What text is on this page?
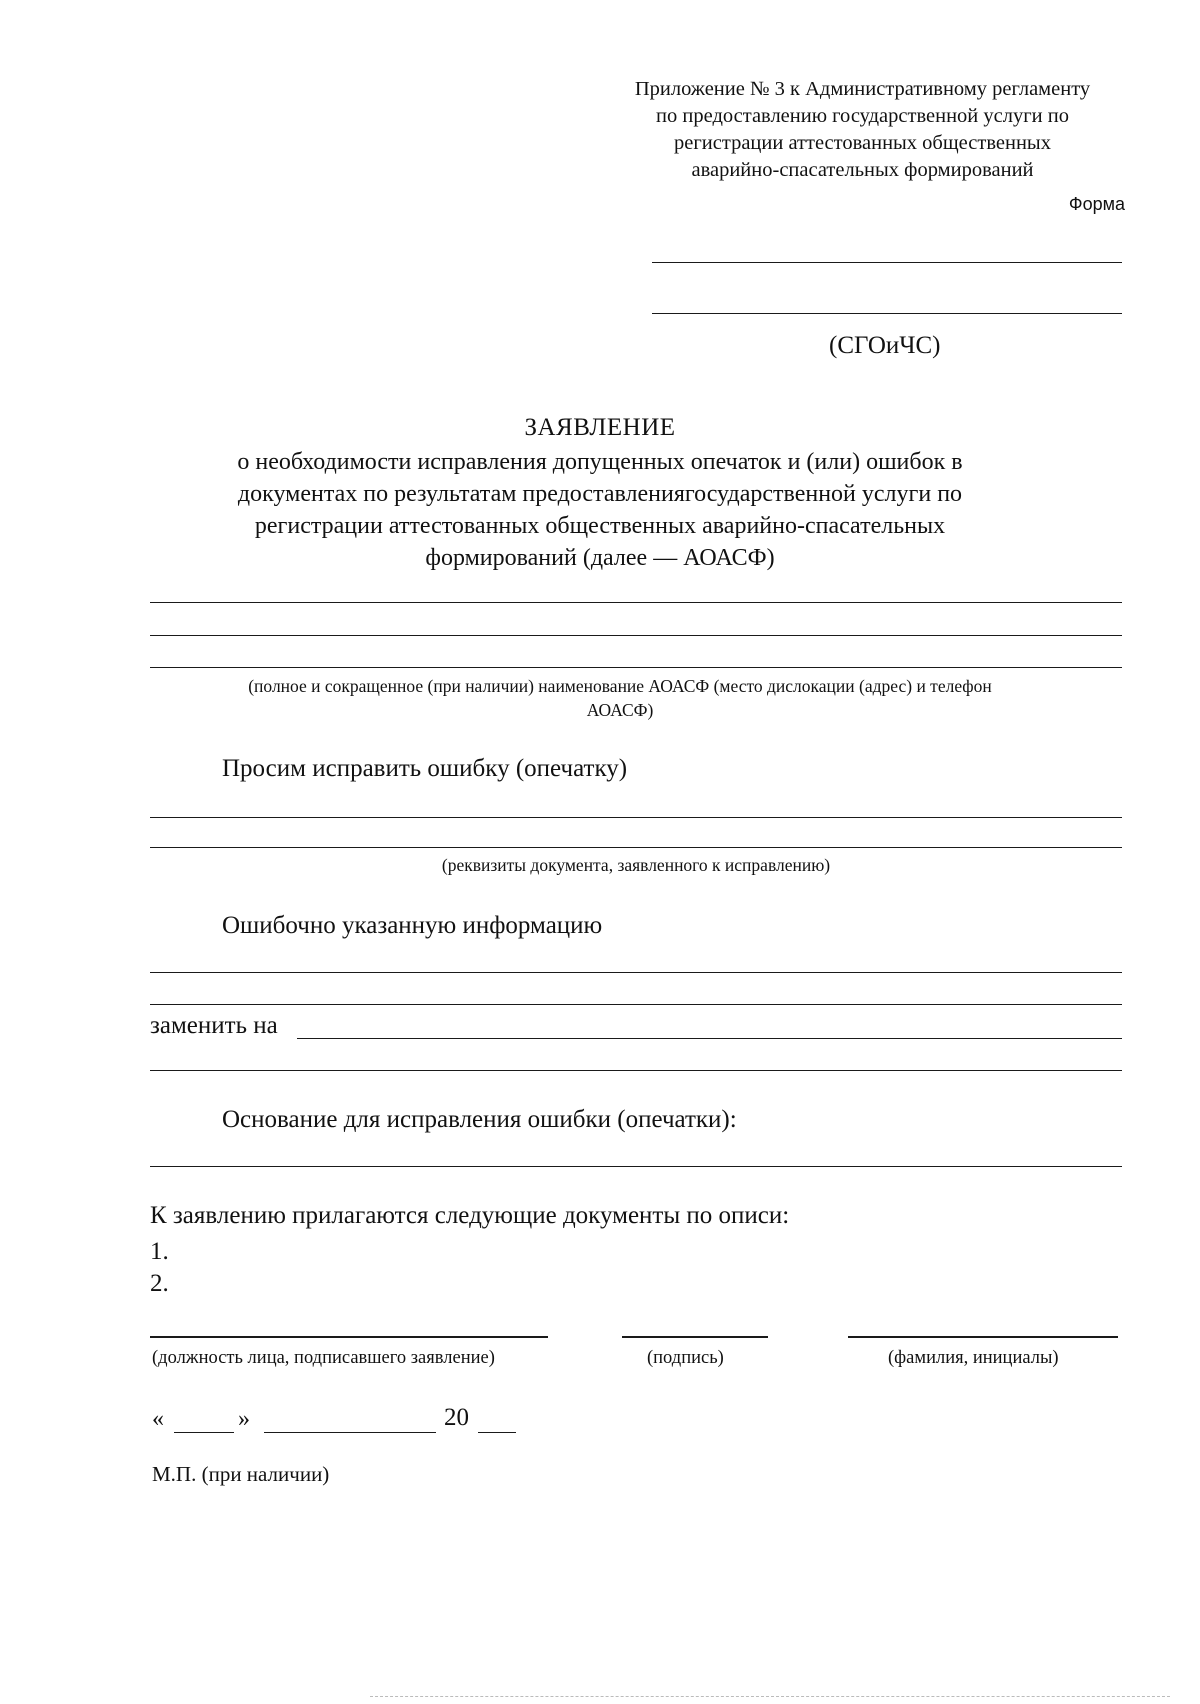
Приложение № 3 к Административному регламенту
по предоставлению государственной услуги по
регистрации аттестованных общественных
аварийно-спасательных формирований
Форма
(СГОиЧС)
ЗАЯВЛЕНИЕ
о необходимости исправления допущенных опечаток и (или) ошибок в
документах по результатам предоставлениягосударственной услуги по
регистрации аттестованных общественных аварийно-спасательных
формирований (далее — АОАСФ)
(полное и сокращенное (при наличии) наименование АОАСФ (место дислокации (адрес) и телефон
АОАСФ)
Просим исправить ошибку (опечатку)
(реквизиты документа, заявленного к исправлению)
Ошибочно указанную информацию
заменить на
Основание для исправления ошибки (опечатки):
К заявлению прилагаются следующие документы по описи:
1.
2.
(должность лица, подписавшего заявление)	(подпись)	(фамилия, инициалы)
«	»	20
М.П. (при наличии)
